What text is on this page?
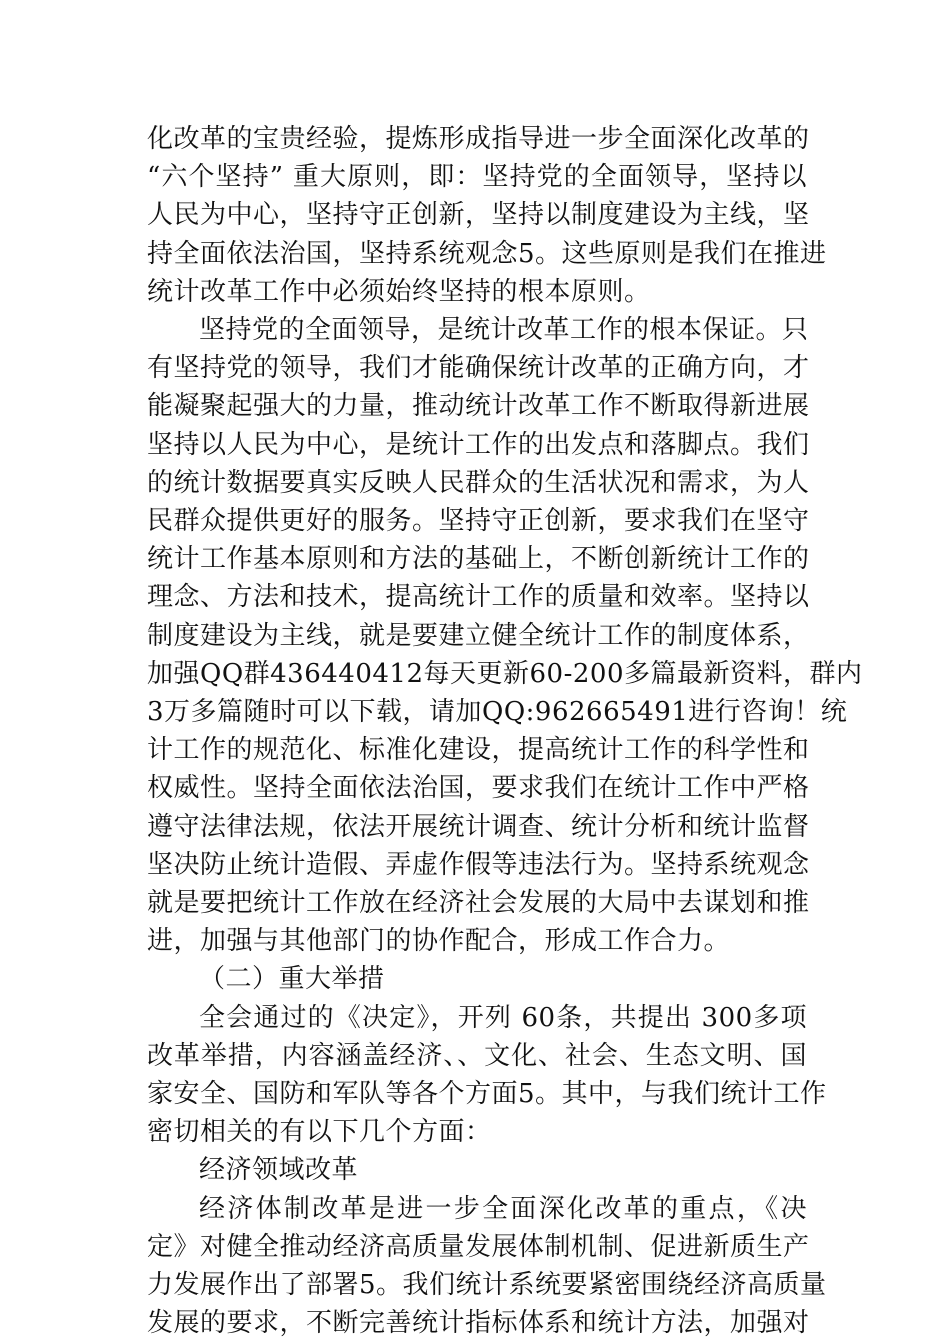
化改革的宝贵经验，提炼形成指导进一步全面深化改革的
“六个坚持” 重大原则，即：坚持党的全面领导，坚持以
人民为中心，坚持守正创新，坚持以制度建设为主线，坚
持全面依法治国，坚持系统观念5。这些原则是我们在推进
统计改革工作中必须始终坚持的根本原则。
坚持党的全面领导，是统计改革工作的根本保证。只
有坚持党的领导，我们才能确保统计改革的正确方向，才
能凝聚起强大的力量，推动统计改革工作不断取得新进展
坚持以人民为中心，是统计工作的出发点和落脚点。我们
的统计数据要真实反映人民群众的生活状况和需求，为人
民群众提供更好的服务。坚持守正创新，要求我们在坚守
统计工作基本原则和方法的基础上，不断创新统计工作的
理念、方法和技术，提高统计工作的质量和效率。坚持以
制度建设为主线，就是要建立健全统计工作的制度体系，
加强QQ群436440412每天更新60-200多篇最新资料，群内
3万多篇随时可以下载，请加QQ:962665491进行咨询！统
计工作的规范化、标准化建设，提高统计工作的科学性和
权威性。坚持全面依法治国，要求我们在统计工作中严格
遵守法律法规，依法开展统计调查、统计分析和统计监督
坚决防止统计造假、弄虚作假等违法行为。坚持系统观念
就是要把统计工作放在经济社会发展的大局中去谋划和推
进，加强与其他部门的协作配合，形成工作合力。
（二）重大举措
全会通过的《决定》，开列 60条，共提出 300多项
改革举措，内容涵盖经济、、文化、社会、生态文明、国
家安全、国防和军队等各个方面5。其中，与我们统计工作
密切相关的有以下几个方面：
经济领域改革
经济体制改革是进一步全面深化改革的重点，《决
定》对健全推动经济高质量发展体制机制、促进新质生产
力发展作出了部署5。我们统计系统要紧密围绕经济高质量
发展的要求，不断完善统计指标体系和统计方法，加强对
